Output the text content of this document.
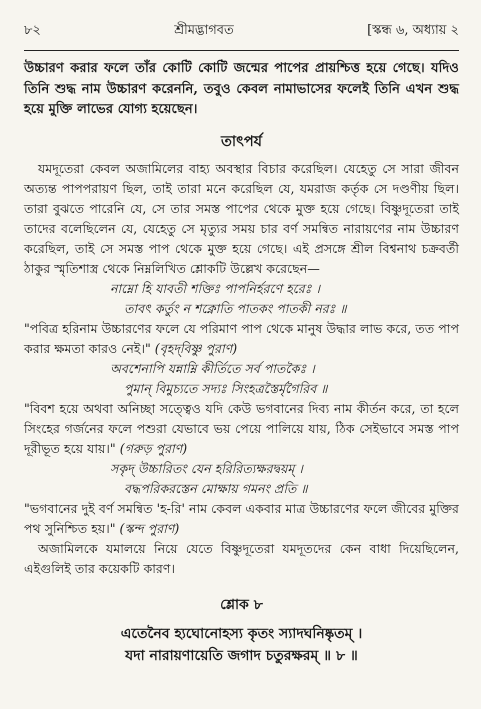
৮২	শ্রীমদ্ভাগবত	[স্কন্ধ ৬, অধ্যায় ২

উচ্চারণ করার ফলে তাঁর কোটি কোটি জন্মের পাপের প্রায়শ্চিত্ত হয়ে গেছে। যদিও তিনি শুদ্ধ নাম উচ্চারণ করেননি, তবুও কেবল নামাভাসের ফলেই তিনি এখন শুদ্ধ হয়ে মুক্তি লাভের যোগ্য হয়েছেন।

তাৎপর্য

যমদূতেরা কেবল অজামিলের বাহ্য অবস্থার বিচার করেছিল। যেহেতু সে সারা জীবন অত্যন্ত পাপপরায়ণ ছিল, তাই তারা মনে করেছিল যে, যমরাজ কর্তৃক সে দণ্ডণীয় ছিল। তারা বুঝতে পারেনি যে, সে তার সমস্ত পাপের থেকে মুক্ত হয়ে গেছে। বিষ্ণুদূতেরা তাই তাদের বলেছিলেন যে, যেহেতু সে মৃত্যুর সময় চার বর্ণ সমন্বিত নারায়ণের নাম উচ্চারণ করেছিল, তাই সে সমস্ত পাপ থেকে মুক্ত হয়ে গেছে। এই প্রসঙ্গে শ্রীল বিশ্বনাথ চক্রবর্তী ঠাকুর স্মৃতিশাস্ত্র থেকে নিম্নলিখিত শ্লোকটি উল্লেখ করেছেন—

নাম্নো হি যাবতী শক্তিঃ পাপনির্হরণে হরেঃ ।

তাবৎ কর্তুং ন শক্নোতি পাতকং পাতকী নরঃ ॥

"পবিত্র হরিনাম উচ্চারণের ফলে যে পরিমাণ পাপ থেকে মানুষ উদ্ধার লাভ করে, তত পাপ করার ক্ষমতা কারও নেই।" (বৃহদ্‌বিষ্ণু পুরাণ)

অবশেনাপি যন্নাম্নি কীর্তিতে সর্ব পাতকৈঃ ।

পুমান্ বিমুচ্যতে সদ্যঃ সিংহত্রস্তৈর্মৃগৈরিব ॥

"বিবশ হয়ে অথবা অনিচ্ছা সত্ত্বেও যদি কেউ ভগবানের দিব্য নাম কীর্তন করে, তা হলে সিংহের গর্জনের ফলে পশুরা যেভাবে ভয় পেয়ে পালিয়ে যায়, ঠিক সেইভাবে সমস্ত পাপ দূরীভূত হয়ে যায়।" (গরুড় পুরাণ)

সকৃদ্ উচ্চারিতং যেন হরিরিত্যক্ষরদ্বয়ম্ ।

বদ্ধপরিকরস্তেন মোক্ষায় গমনং প্রতি ॥

"ভগবানের দুই বর্ণ সমন্বিত 'হ-রি' নাম কেবল একবার মাত্র উচ্চারণের ফলে জীবের মুক্তির পথ সুনিশ্চিত হয়।" (স্কন্দ পুরাণ)

অজামিলকে যমালয়ে নিয়ে যেতে বিষ্ণুদূতেরা যমদূতদের কেন বাধা দিয়েছিলেন, এইগুলিই তার কয়েকটি কারণ।

শ্লোক ৮

এতেনৈব হ্যঘোনোহস্য কৃতং স্যাদঘনিষ্কৃতম্ ।

যদা নারায়ণায়েতি জগাদ চতুরক্ষরম্ ॥ ৮ ॥
